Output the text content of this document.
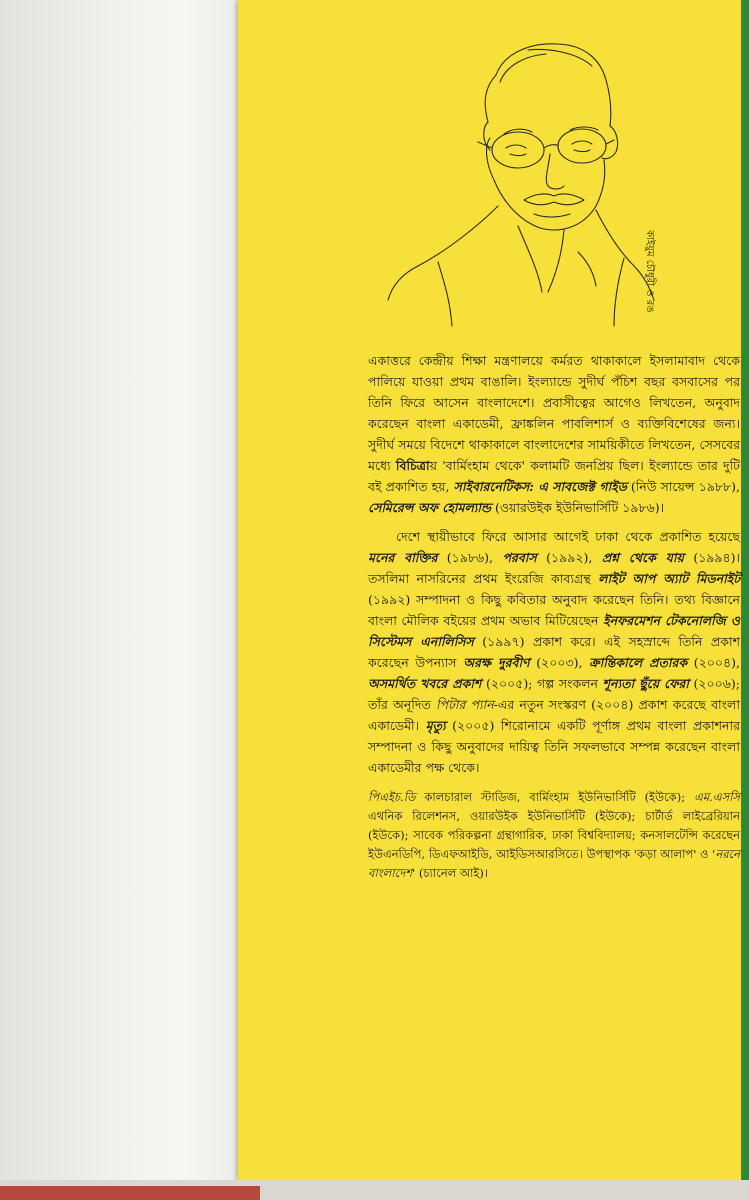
কাইয়ুম চৌধুরী ও রঙ

একাত্তরে কেন্দ্রীয় শিক্ষা মন্ত্রণালয়ে কর্মরত থাকাকালে ইসলামাবাদ থেকে পালিয়ে যাওয়া প্রথম বাঙালি। ইংল্যান্ডে সুদীর্ঘ পঁচিশ বছর বসবাসের পর তিনি ফিরে আসেন বাংলাদেশে। প্রবাসীত্বের আগেও লিখতেন, অনুবাদ করেছেন বাংলা একাডেমী, ফ্রাঙ্কলিন পাবলিশার্স ও ব্যক্তিবিশেষের জন্য। সুদীর্ঘ সময়ে বিদেশে থাকাকালে বাংলাদেশের সাময়িকীতে লিখতেন, সেসবের মধ্যে বিচিত্রায় 'বার্মিংহাম থেকে' কলামটি জনপ্রিয় ছিল। ইংল্যান্ডে তার দুটি বই প্রকাশিত হয়, সাইবারনেটিকস: এ সাবজেক্ট গাইড (নিউ সায়েন্স ১৯৮৮), সেমিরেন্স অফ হোমল্যান্ড (ওয়ারউইক ইউনিভার্সিটি ১৯৮৬)।

দেশে স্থায়ীভাবে ফিরে আসার আগেই ঢাকা থেকে প্রকাশিত হয়েছে মনের বাক্তির (১৯৮৬), পরবাস (১৯৯২), প্রশ্ন থেকে যায় (১৯৯৪)। তসলিমা নাসরিনের প্রথম ইংরেজি কাব্যগ্রন্থ লাইট আপ অ্যাট মিডনাইট (১৯৯২) সম্পাদনা ও কিছু কবিতার অনুবাদ করেছেন তিনি। তথ্য বিজ্ঞানে বাংলা মৌলিক বইয়ের প্রথম অভাব মিটিয়েছেন ইনফরমেশন টেকনোলজি ও সিস্টেমস এনালিসিস (১৯৯৭) প্রকাশ করে। এই সহস্রাব্দে তিনি প্রকাশ করেছেন উপন্যাস অরক্ষ দুরবীণ (২০০৩), ক্রান্তিকালে প্রতারক (২০০৪), অসমর্থিত খবরে প্রকাশ (২০০৫); গল্প সংকলন শূন্যতা ছুঁয়ে ফেরা (২০০৬); তাঁর অনূদিত পিটার প্যান-এর নতুন সংস্করণ (২০০৪) প্রকাশ করেছে বাংলা একাডেমী। মৃত্যু (২০০৫) শিরোনামে একটি পূর্ণাঙ্গ প্রথম বাংলা প্রকাশনার সম্পাদনা ও কিছু অনুবাদের দায়িত্ব তিনি সফলভাবে সম্পন্ন করেছেন বাংলা একাডেমীর পক্ষ থেকে।

পিএইচ.ডি কালচারাল স্টাডিজ, বার্মিংহাম ইউনিভার্সিটি (ইউকে); এম.এসসি এথনিক রিলেশনস, ওয়ারউইক ইউনিভার্সিটি (ইউকে); চার্টার্ড লাইব্রেরিয়ান (ইউকে); সাবেক পরিকল্পনা গ্রন্থাগারিক, ঢাকা বিশ্ববিদ্যালয়; কনসালটেন্সি করেছেন ইউএনডিপি, ডিএফআইডি, আইডিসআরসিতে। উপস্থাপক 'কড়া আলাপ' ও 'নরনে বাংলাদেশ' (চ্যানেল আই)।
